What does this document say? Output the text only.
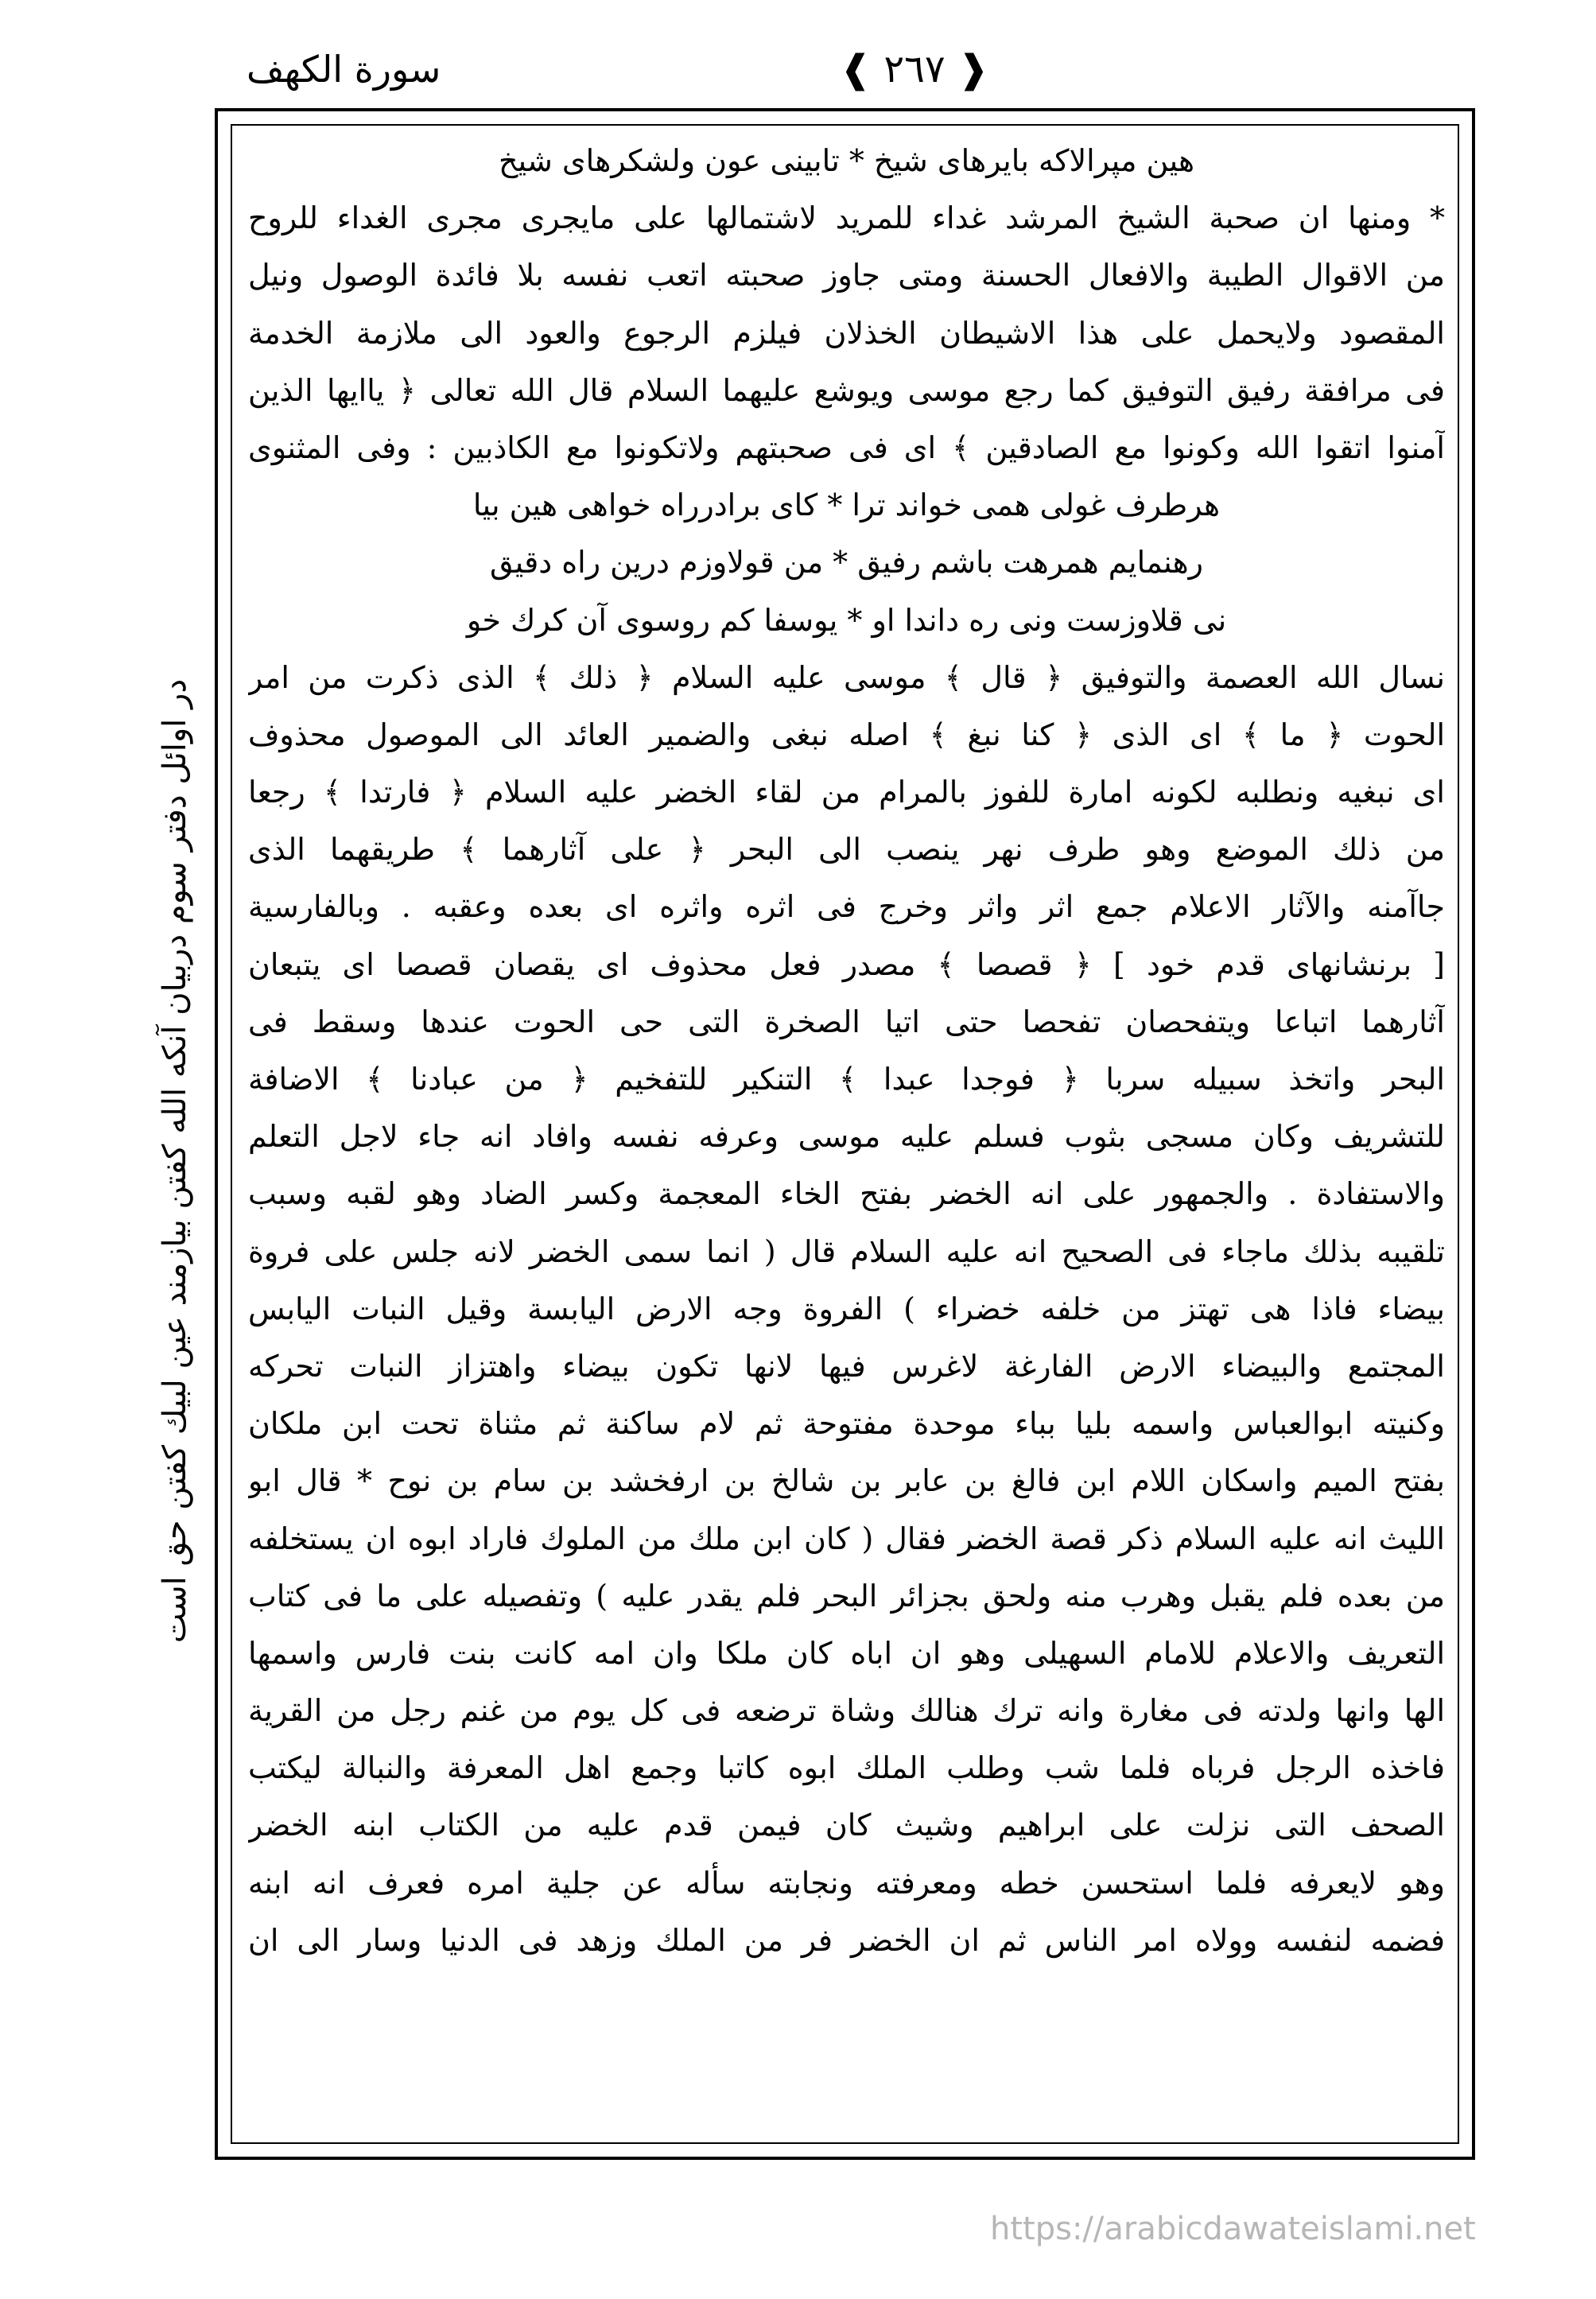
سورة الكهف	❰ ٢٦٧ ❱
در اوائل دفتر سوم دربيان آنكه الله كفتن بيازمند عين لبيك كفتن حق است
هين مپرالاكه بايرهاى شيخ * تابينى عون ولشكرهاى شيخ
* ومنها ان صحبة الشيخ المرشد غداء للمريد لاشتمالها على مايجرى مجرى الغداء للروح
من الاقوال الطيبة والافعال الحسنة ومتى جاوز صحبته اتعب نفسه بلا فائدة الوصول ونيل
المقصود ولايحمل على هذا الاشيطان الخذلان فيلزم الرجوع والعود الى ملازمة الخدمة
فى مرافقة رفيق التوفيق كما رجع موسى ويوشع عليهما السلام قال الله تعالى ﴿ ياايها الذين
آمنوا اتقوا الله وكونوا مع الصادقين ﴾ اى فى صحبتهم ولاتكونوا مع الكاذبين : وفى المثنوى
هرطرف غولى همى خواند ترا * كاى برادرراه خواهى هين بيا
رهنمايم همرهت باشم رفيق * من قولاوزم درين راه دقيق
نى قلاوزست ونى ره داندا او * يوسفا كم روسوى آن كرك خو
نسال الله العصمة والتوفيق ﴿ قال ﴾ موسى عليه السلام ﴿ ذلك ﴾ الذى ذكرت من امر
الحوت ﴿ ما ﴾ اى الذى ﴿ كنا نبغ ﴾ اصله نبغى والضمير العائد الى الموصول محذوف
اى نبغيه ونطلبه لكونه امارة للفوز بالمرام من لقاء الخضر عليه السلام ﴿ فارتدا ﴾ رجعا
من ذلك الموضع وهو طرف نهر ينصب الى البحر ﴿ على آثارهما ﴾ طريقهما الذى
جاآمنه والآثار الاعلام جمع اثر واثر وخرج فى اثره واثره اى بعده وعقبه . وبالفارسية
[ برنشانهاى قدم خود ] ﴿ قصصا ﴾ مصدر فعل محذوف اى يقصان قصصا اى يتبعان
آثارهما اتباعا ويتفحصان تفحصا حتى اتيا الصخرة التى حى الحوت عندها وسقط فى
البحر واتخذ سبيله سربا ﴿ فوجدا عبدا ﴾ التنكير للتفخيم ﴿ من عبادنا ﴾ الاضافة
للتشريف وكان مسجى بثوب فسلم عليه موسى وعرفه نفسه وافاد انه جاء لاجل التعلم
والاستفادة . والجمهور على انه الخضر بفتح الخاء المعجمة وكسر الضاد وهو لقبه وسبب
تلقيبه بذلك ماجاء فى الصحيح انه عليه السلام قال ( انما سمى الخضر لانه جلس على فروة
بيضاء فاذا هى تهتز من خلفه خضراء ) الفروة وجه الارض اليابسة وقيل النبات اليابس
المجتمع والبيضاء الارض الفارغة لاغرس فيها لانها تكون بيضاء واهتزاز النبات تحركه
وكنيته ابوالعباس واسمه بليا بباء موحدة مفتوحة ثم لام ساكنة ثم مثناة تحت ابن ملكان
بفتح الميم واسكان اللام ابن فالغ بن عابر بن شالخ بن ارفخشد بن سام بن نوح * قال ابو
الليث انه عليه السلام ذكر قصة الخضر فقال ( كان ابن ملك من الملوك فاراد ابوه ان يستخلفه
من بعده فلم يقبل وهرب منه ولحق بجزائر البحر فلم يقدر عليه ) وتفصيله على ما فى كتاب
التعريف والاعلام للامام السهيلى وهو ان اباه كان ملكا وان امه كانت بنت فارس واسمها
الها وانها ولدته فى مغارة وانه ترك هنالك وشاة ترضعه فى كل يوم من غنم رجل من القرية
فاخذه الرجل فرباه فلما شب وطلب الملك ابوه كاتبا وجمع اهل المعرفة والنبالة ليكتب
الصحف التى نزلت على ابراهيم وشيث كان فيمن قدم عليه من الكتاب ابنه الخضر
وهو لايعرفه فلما استحسن خطه ومعرفته ونجابته سأله عن جلية امره فعرف انه ابنه
فضمه لنفسه وولاه امر الناس ثم ان الخضر فر من الملك وزهد فى الدنيا وسار الى ان
https://arabicdawateislami.net
